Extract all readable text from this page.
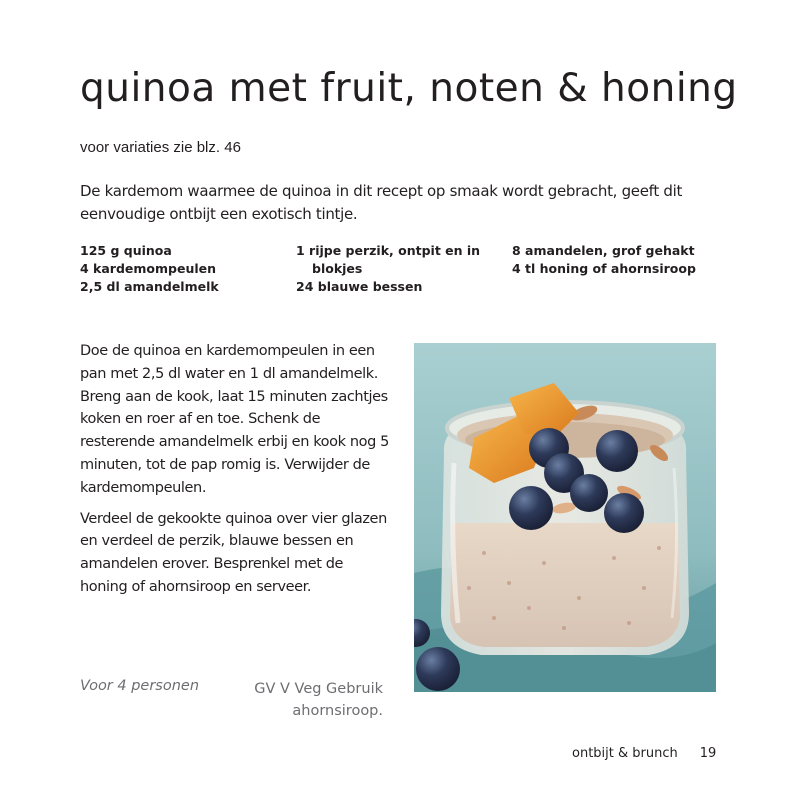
quinoa met fruit, noten & honing
voor variaties zie blz. 46
De kardemom waarmee de quinoa in dit recept op smaak wordt gebracht, geeft dit eenvoudige ontbijt een exotisch tintje.
125 g quinoa
4 kardemompeulen
2,5 dl amandelmelk
1 rijpe perzik, ontpit en in
blokjes
24 blauwe bessen
8 amandelen, grof gehakt
4 tl honing of ahornsiroop

Doe de quinoa en kardemompeulen in een pan met 2,5 dl water en 1 dl amandelmelk. Breng aan de kook, laat 15 minuten zachtjes koken en roer af en toe. Schenk de resterende amandelmelk erbij en kook nog 5 minuten, tot de pap romig is. Verwijder de kardemompeulen.

Verdeel de gekookte quinoa over vier glazen en verdeel de perzik, blauwe bessen en amandelen erover. Besprenkel met de honing of ahornsiroop en serveer.

Voor 4 personen	GV V Veg Gebruik
ahornsiroop.
ontbijt & brunch 19
